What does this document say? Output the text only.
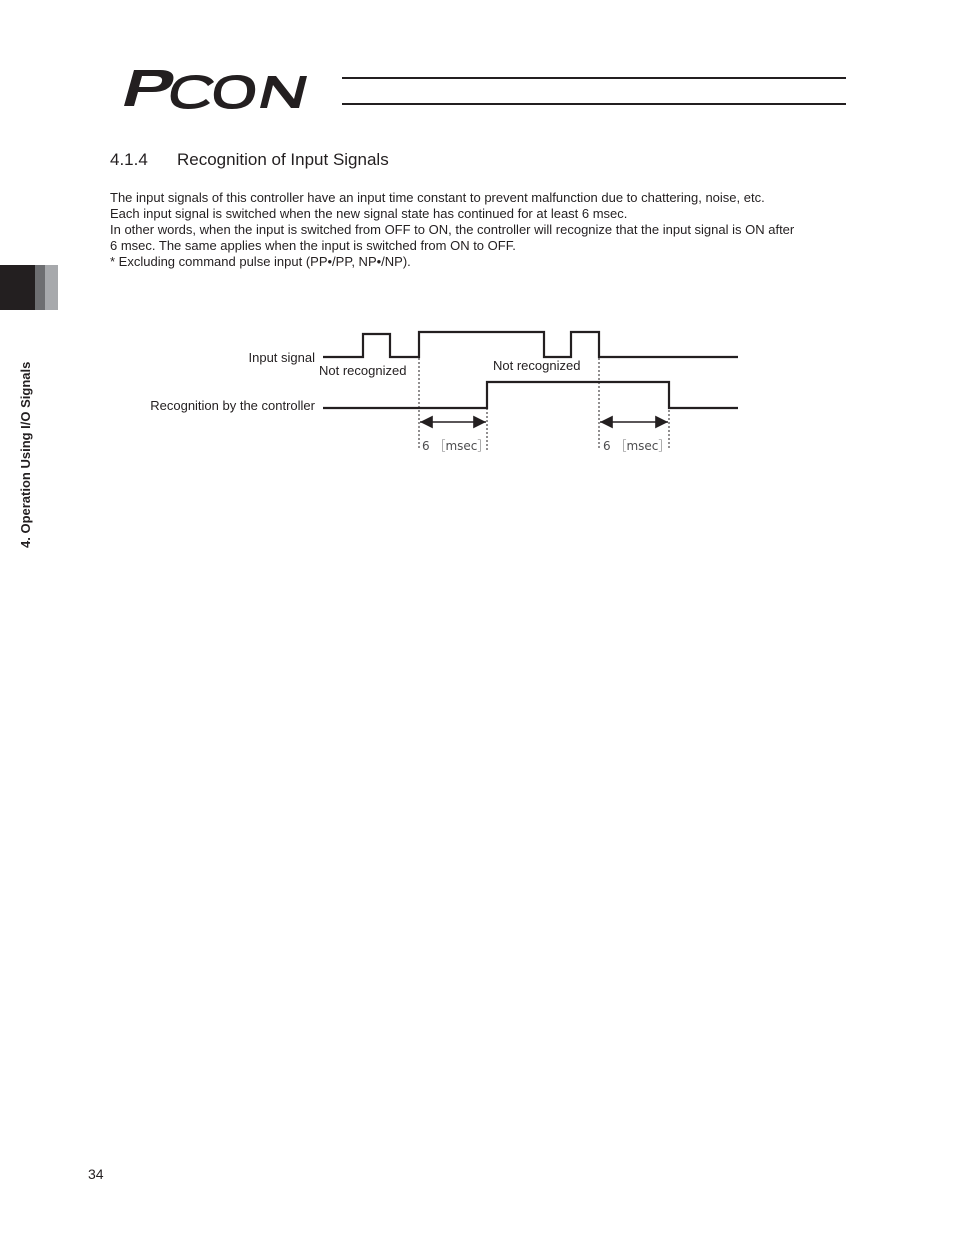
4. Operation Using I/O Signals
4.1.4 Recognition of Input Signals

The input signals of this controller have an input time constant to prevent malfunction due to chattering, noise, etc.

Each input signal is switched when the new signal state has continued for at least 6 msec.

In other words, when the input is switched from OFF to ON, the controller will recognize that the input signal is ON after

6 msec. The same applies when the input is switched from ON to OFF.

* Excluding command pulse input (PP•/PP, NP•/NP).

Input signal
Recognition by the controller
Not recognized	Not recognized
6 ［msec］	6 ［msec］
34
